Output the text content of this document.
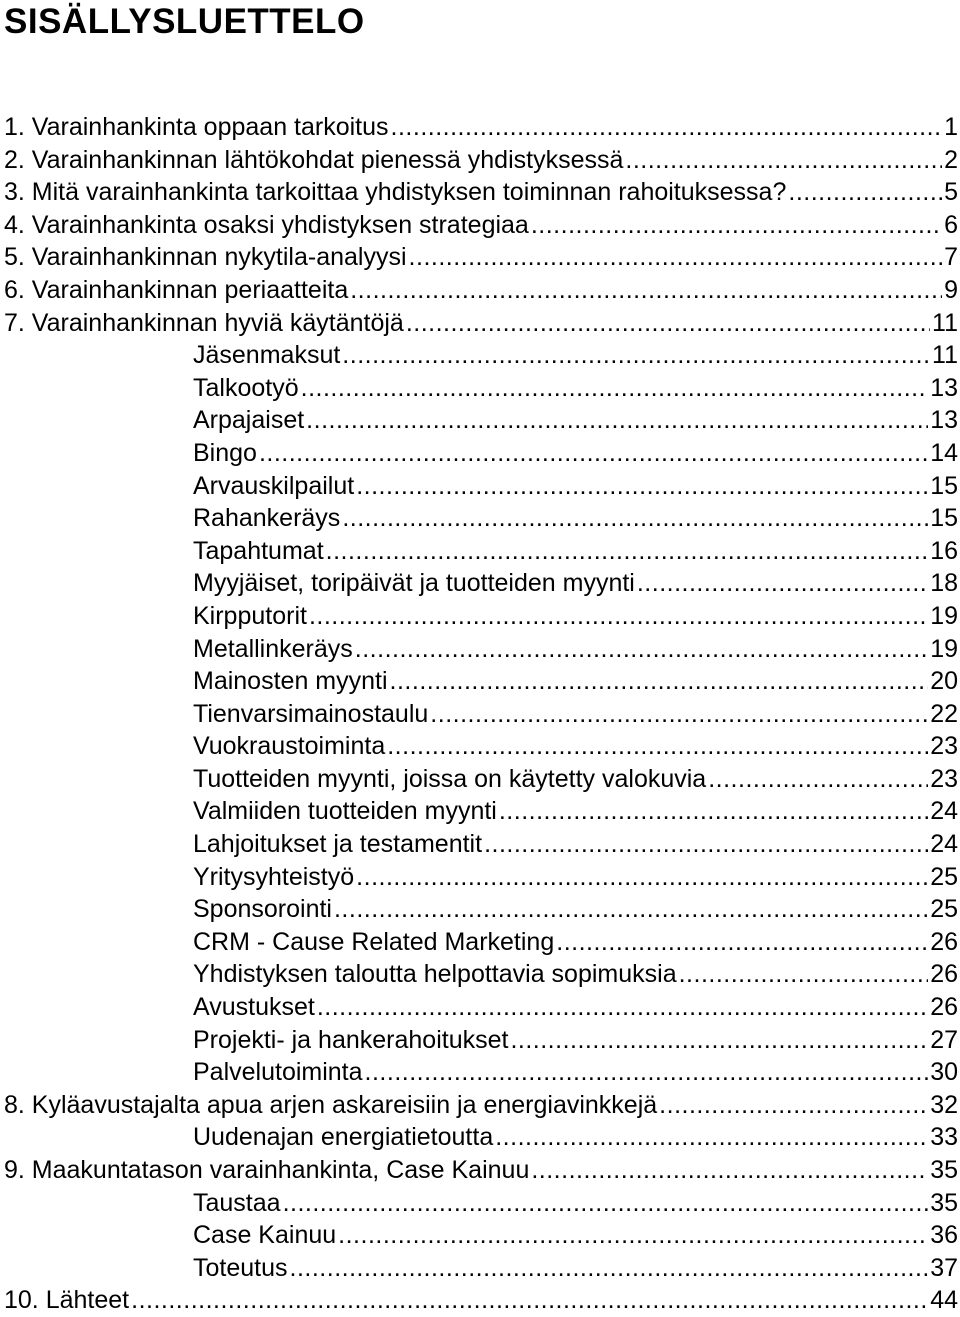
SISÄLLYSLUETTELO
1. Varainhankinta oppaan tarkoitus .....	1
2. Varainhankinnan lähtökohdat pienessä yhdistyksessä .....	2
3. Mitä varainhankinta tarkoittaa yhdistyksen toiminnan rahoituksessa? .....	5
4. Varainhankinta osaksi yhdistyksen strategiaa .....	6
5. Varainhankinnan nykytila-analyysi .....	7
6. Varainhankinnan periaatteita .....	9
7. Varainhankinnan hyviä käytäntöjä .....	11
Jäsenmaksut .....	11
Talkootyö .....	13
Arpajaiset .....	13
Bingo .....	14
Arvauskilpailut .....	15
Rahankeräys .....	15
Tapahtumat .....	16
Myyjäiset, toripäivät ja tuotteiden myynti .....	18
Kirpputorit .....	19
Metallinkeräys .....	19
Mainosten myynti .....	20
Tienvarsimainostaulu .....	22
Vuokraustoiminta .....	23
Tuotteiden myynti, joissa on käytetty valokuvia .....	23
Valmiiden tuotteiden myynti .....	24
Lahjoitukset ja testamentit .....	24
Yritysyhteistyö .....	25
Sponsorointi .....	25
CRM - Cause Related Marketing .....	26
Yhdistyksen taloutta helpottavia sopimuksia .....	26
Avustukset .....	26
Projekti- ja hankerahoitukset .....	27
Palvelutoiminta .....	30
8. Kyläavustajalta apua arjen askareisiin ja energiavinkkejä .....	32
Uudenajan energiatietoutta .....	33
9. Maakuntatason varainhankinta, Case Kainuu .....	35
Taustaa .....	35
Case Kainuu .....	36
Toteutus .....	37
10. Lähteet .....	44
